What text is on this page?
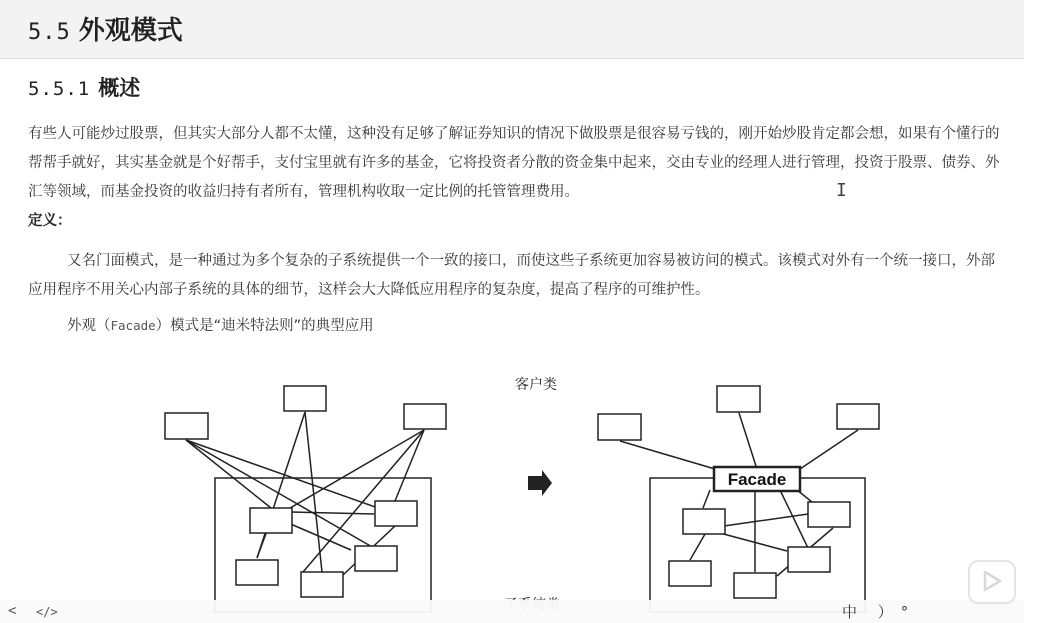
5.5 外观模式
5.5.1 概述

有些人可能炒过股票，但其实大部分人都不太懂，这种没有足够了解证券知识的情况下做股票是很容易亏钱的，刚开始炒股肯定都会想，如果有个懂行的帮帮手就好，其实基金就是个好帮手，支付宝里就有许多的基金，它将投资者分散的资金集中起来，交由专业的经理人进行管理，投资于股票、债券、外汇等领域，而基金投资的收益归持有者所有，管理机构收取一定比例的托管管理费用。	I

定义：

又名门面模式，是一种通过为多个复杂的子系统提供一个一致的接口，而使这些子系统更加容易被访问的模式。该模式对外有一个统一接口，外部应用程序不用关心内部子系统的具体的细节，这样会大大降低应用程序的复杂度，提高了程序的可维护性。

外观（Facade）模式是“迪米特法则”的典型应用

客户类
Facade
< </>	中 ）°
